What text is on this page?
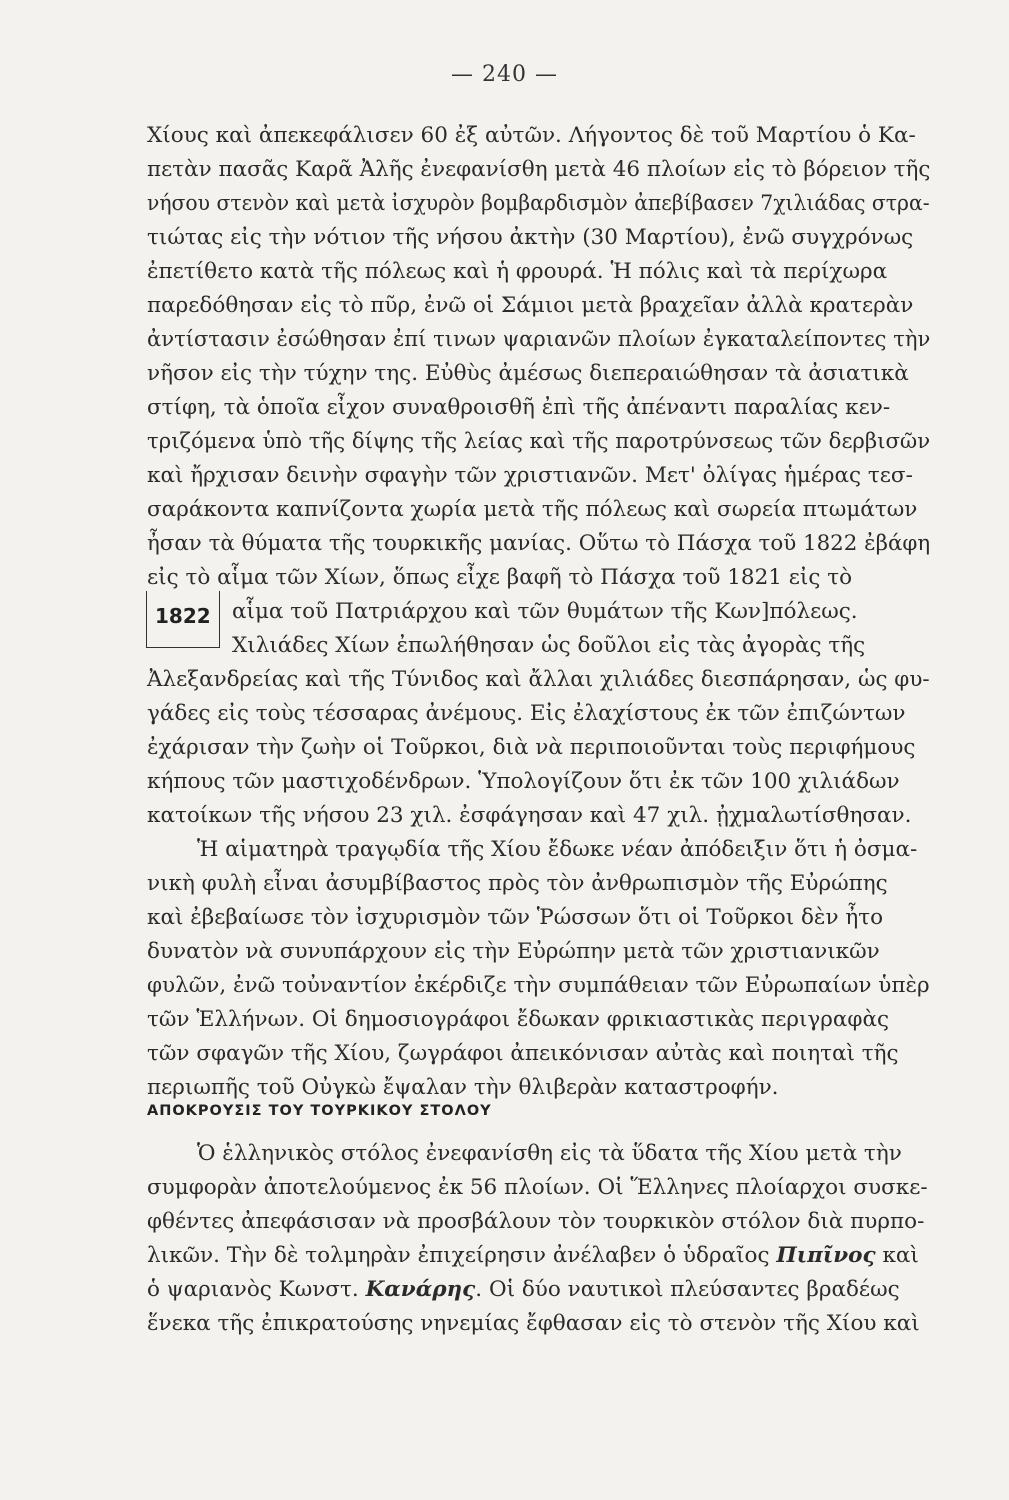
— 240 —
Χίους καὶ ἀπεκεφάλισεν 60 ἐξ αὐτῶν. Λήγοντος δὲ τοῦ Μαρτίου ὁ Κα-
πετὰν πασᾶς Καρᾶ Ἀλῆς ἐνεφανίσθη μετὰ 46 πλοίων εἰς τὸ βόρειον τῆς
νήσου στενὸν καὶ μετὰ ἰσχυρὸν βομβαρδισμὸν ἀπεβίβασεν 7χιλιάδας στρα-
τιώτας εἰς τὴν νότιον τῆς νήσου ἀκτὴν (30 Μαρτίου), ἐνῶ συγχρόνως
ἐπετίθετο κατὰ τῆς πόλεως καὶ ἡ φρουρά. Ἡ πόλις καὶ τὰ περίχωρα
παρεδόθησαν εἰς τὸ πῦρ, ἐνῶ οἱ Σάμιοι μετὰ βραχεῖαν ἀλλὰ κρατερὰν
ἀντίστασιν ἐσώθησαν ἐπί τινων ψαριανῶν πλοίων ἐγκαταλείποντες τὴν
νῆσον εἰς τὴν τύχην της. Εὐθὺς ἀμέσως διεπεραιώθησαν τὰ ἀσιατικὰ
στίφη, τὰ ὁποῖα εἶχον συναθροισθῆ ἐπὶ τῆς ἀπέναντι παραλίας κεν-
τριζόμενα ὑπὸ τῆς δίψης τῆς λείας καὶ τῆς παροτρύνσεως τῶν δερβισῶν
καὶ ἤρχισαν δεινὴν σφαγὴν τῶν χριστιανῶν. Μετ' ὀλίγας ἡμέρας τεσ-
σαράκοντα καπνίζοντα χωρία μετὰ τῆς πόλεως καὶ σωρεία πτωμάτων
ἦσαν τὰ θύματα τῆς τουρκικῆς μανίας. Οὕτω τὸ Πάσχα τοῦ 1822 ἐβάφη
εἰς τὸ αἷμα τῶν Χίων, ὅπως εἶχε βαφῆ τὸ Πάσχα τοῦ 1821 εἰς τὸ
αἷμα τοῦ Πατριάρχου καὶ τῶν θυμάτων τῆς Κων]πόλεως.
Χιλιάδες Χίων ἐπωλήθησαν ὡς δοῦλοι εἰς τὰς ἀγορὰς τῆς
Ἀλεξανδρείας καὶ τῆς Τύνιδος καὶ ἄλλαι χιλιάδες διεσπάρησαν, ὡς φυ-
γάδες εἰς τοὺς τέσσαρας ἀνέμους. Εἰς ἐλαχίστους ἐκ τῶν ἐπιζώντων
ἐχάρισαν τὴν ζωὴν οἱ Τοῦρκοι, διὰ νὰ περιποιοῦνται τοὺς περιφήμους
κήπους τῶν μαστιχοδένδρων. Ὑπολογίζουν ὅτι ἐκ τῶν 100 χιλιάδων
κατοίκων τῆς νήσου 23 χιλ. ἐσφάγησαν καὶ 47 χιλ. ᾐχμαλωτίσθησαν.
Ἡ αἱματηρὰ τραγῳδία τῆς Χίου ἔδωκε νέαν ἀπόδειξιν ὅτι ἡ ὀσμα-
νικὴ φυλὴ εἶναι ἀσυμβίβαστος πρὸς τὸν ἀνθρωπισμὸν τῆς Εὐρώπης
καὶ ἐβεβαίωσε τὸν ἰσχυρισμὸν τῶν Ῥώσσων ὅτι οἱ Τοῦρκοι δὲν ἦτο
δυνατὸν νὰ συνυπάρχουν εἰς τὴν Εὐρώπην μετὰ τῶν χριστιανικῶν
φυλῶν, ἐνῶ τοὐναντίον ἐκέρδιζε τὴν συμπάθειαν τῶν Εὐρωπαίων ὑπὲρ
τῶν Ἑλλήνων. Οἱ δημοσιογράφοι ἔδωκαν φρικιαστικὰς περιγραφὰς
τῶν σφαγῶν τῆς Χίου, ζωγράφοι ἀπεικόνισαν αὐτὰς καὶ ποιηταὶ τῆς
περιωπῆς τοῦ Οὐγκὼ ἔψαλαν τὴν θλιβερὰν καταστροφήν.
1822
ΑΠΟΚΡΟΥΣΙΣ ΤΟΥ ΤΟΥΡΚΙΚΟΥ ΣΤΟΛΟΥ
Ὁ ἑλληνικὸς στόλος ἐνεφανίσθη εἰς τὰ ὕδατα τῆς Χίου μετὰ τὴν
συμφορὰν ἀποτελούμενος ἐκ 56 πλοίων. Οἱ Ἕλληνες πλοίαρχοι συσκε-
φθέντες ἀπεφάσισαν νὰ προσβάλουν τὸν τουρκικὸν στόλον διὰ πυρπο-
λικῶν. Τὴν δὲ τολμηρὰν ἐπιχείρησιν ἀνέλαβεν ὁ ὑδραῖος Πιπῖνος καὶ
ὁ ψαριανὸς Κωνστ. Κανάρης. Οἱ δύο ναυτικοὶ πλεύσαντες βραδέως
ἕνεκα τῆς ἐπικρατούσης νηνεμίας ἔφθασαν εἰς τὸ στενὸν τῆς Χίου καὶ
